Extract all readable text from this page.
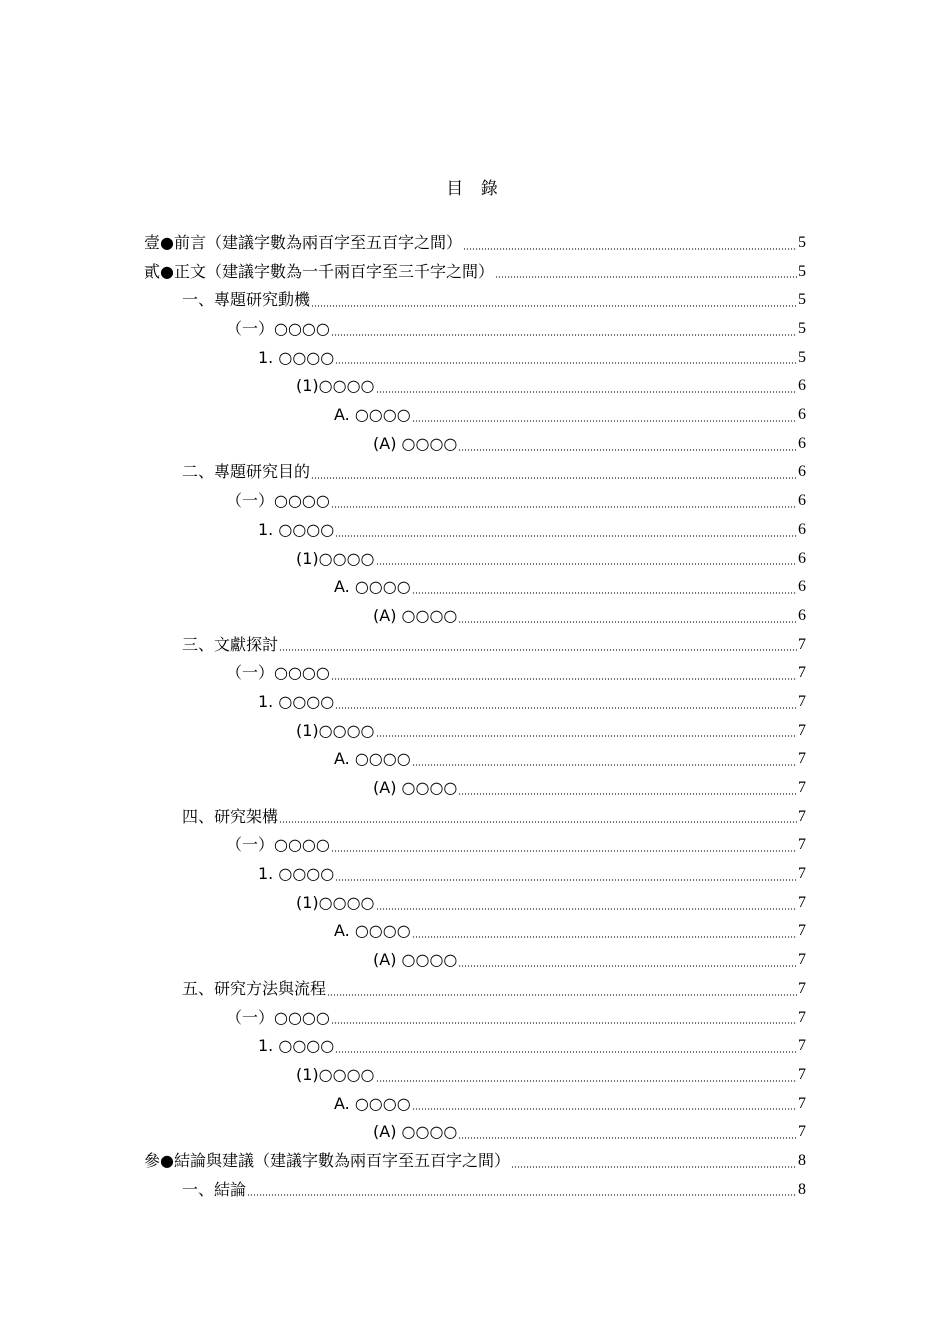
目 錄
壹●前言（建議字數為兩百字至五百字之間）	5
貳●正文（建議字數為一千兩百字至三千字之間）	5
一、專題研究動機	5
（一）○○○○	5
1. ○○○○	5
(1)○○○○	6
A. ○○○○	6
(A) ○○○○	6
二、專題研究目的	6
（一）○○○○	6
1. ○○○○	6
(1)○○○○	6
A. ○○○○	6
(A) ○○○○	6
三、文獻探討	7
（一）○○○○	7
1. ○○○○	7
(1)○○○○	7
A. ○○○○	7
(A) ○○○○	7
四、研究架構	7
（一）○○○○	7
1. ○○○○	7
(1)○○○○	7
A. ○○○○	7
(A) ○○○○	7
五、研究方法與流程	7
（一）○○○○	7
1. ○○○○	7
(1)○○○○	7
A. ○○○○	7
(A) ○○○○	7
參●結論與建議（建議字數為兩百字至五百字之間）	8
一、結論	8
